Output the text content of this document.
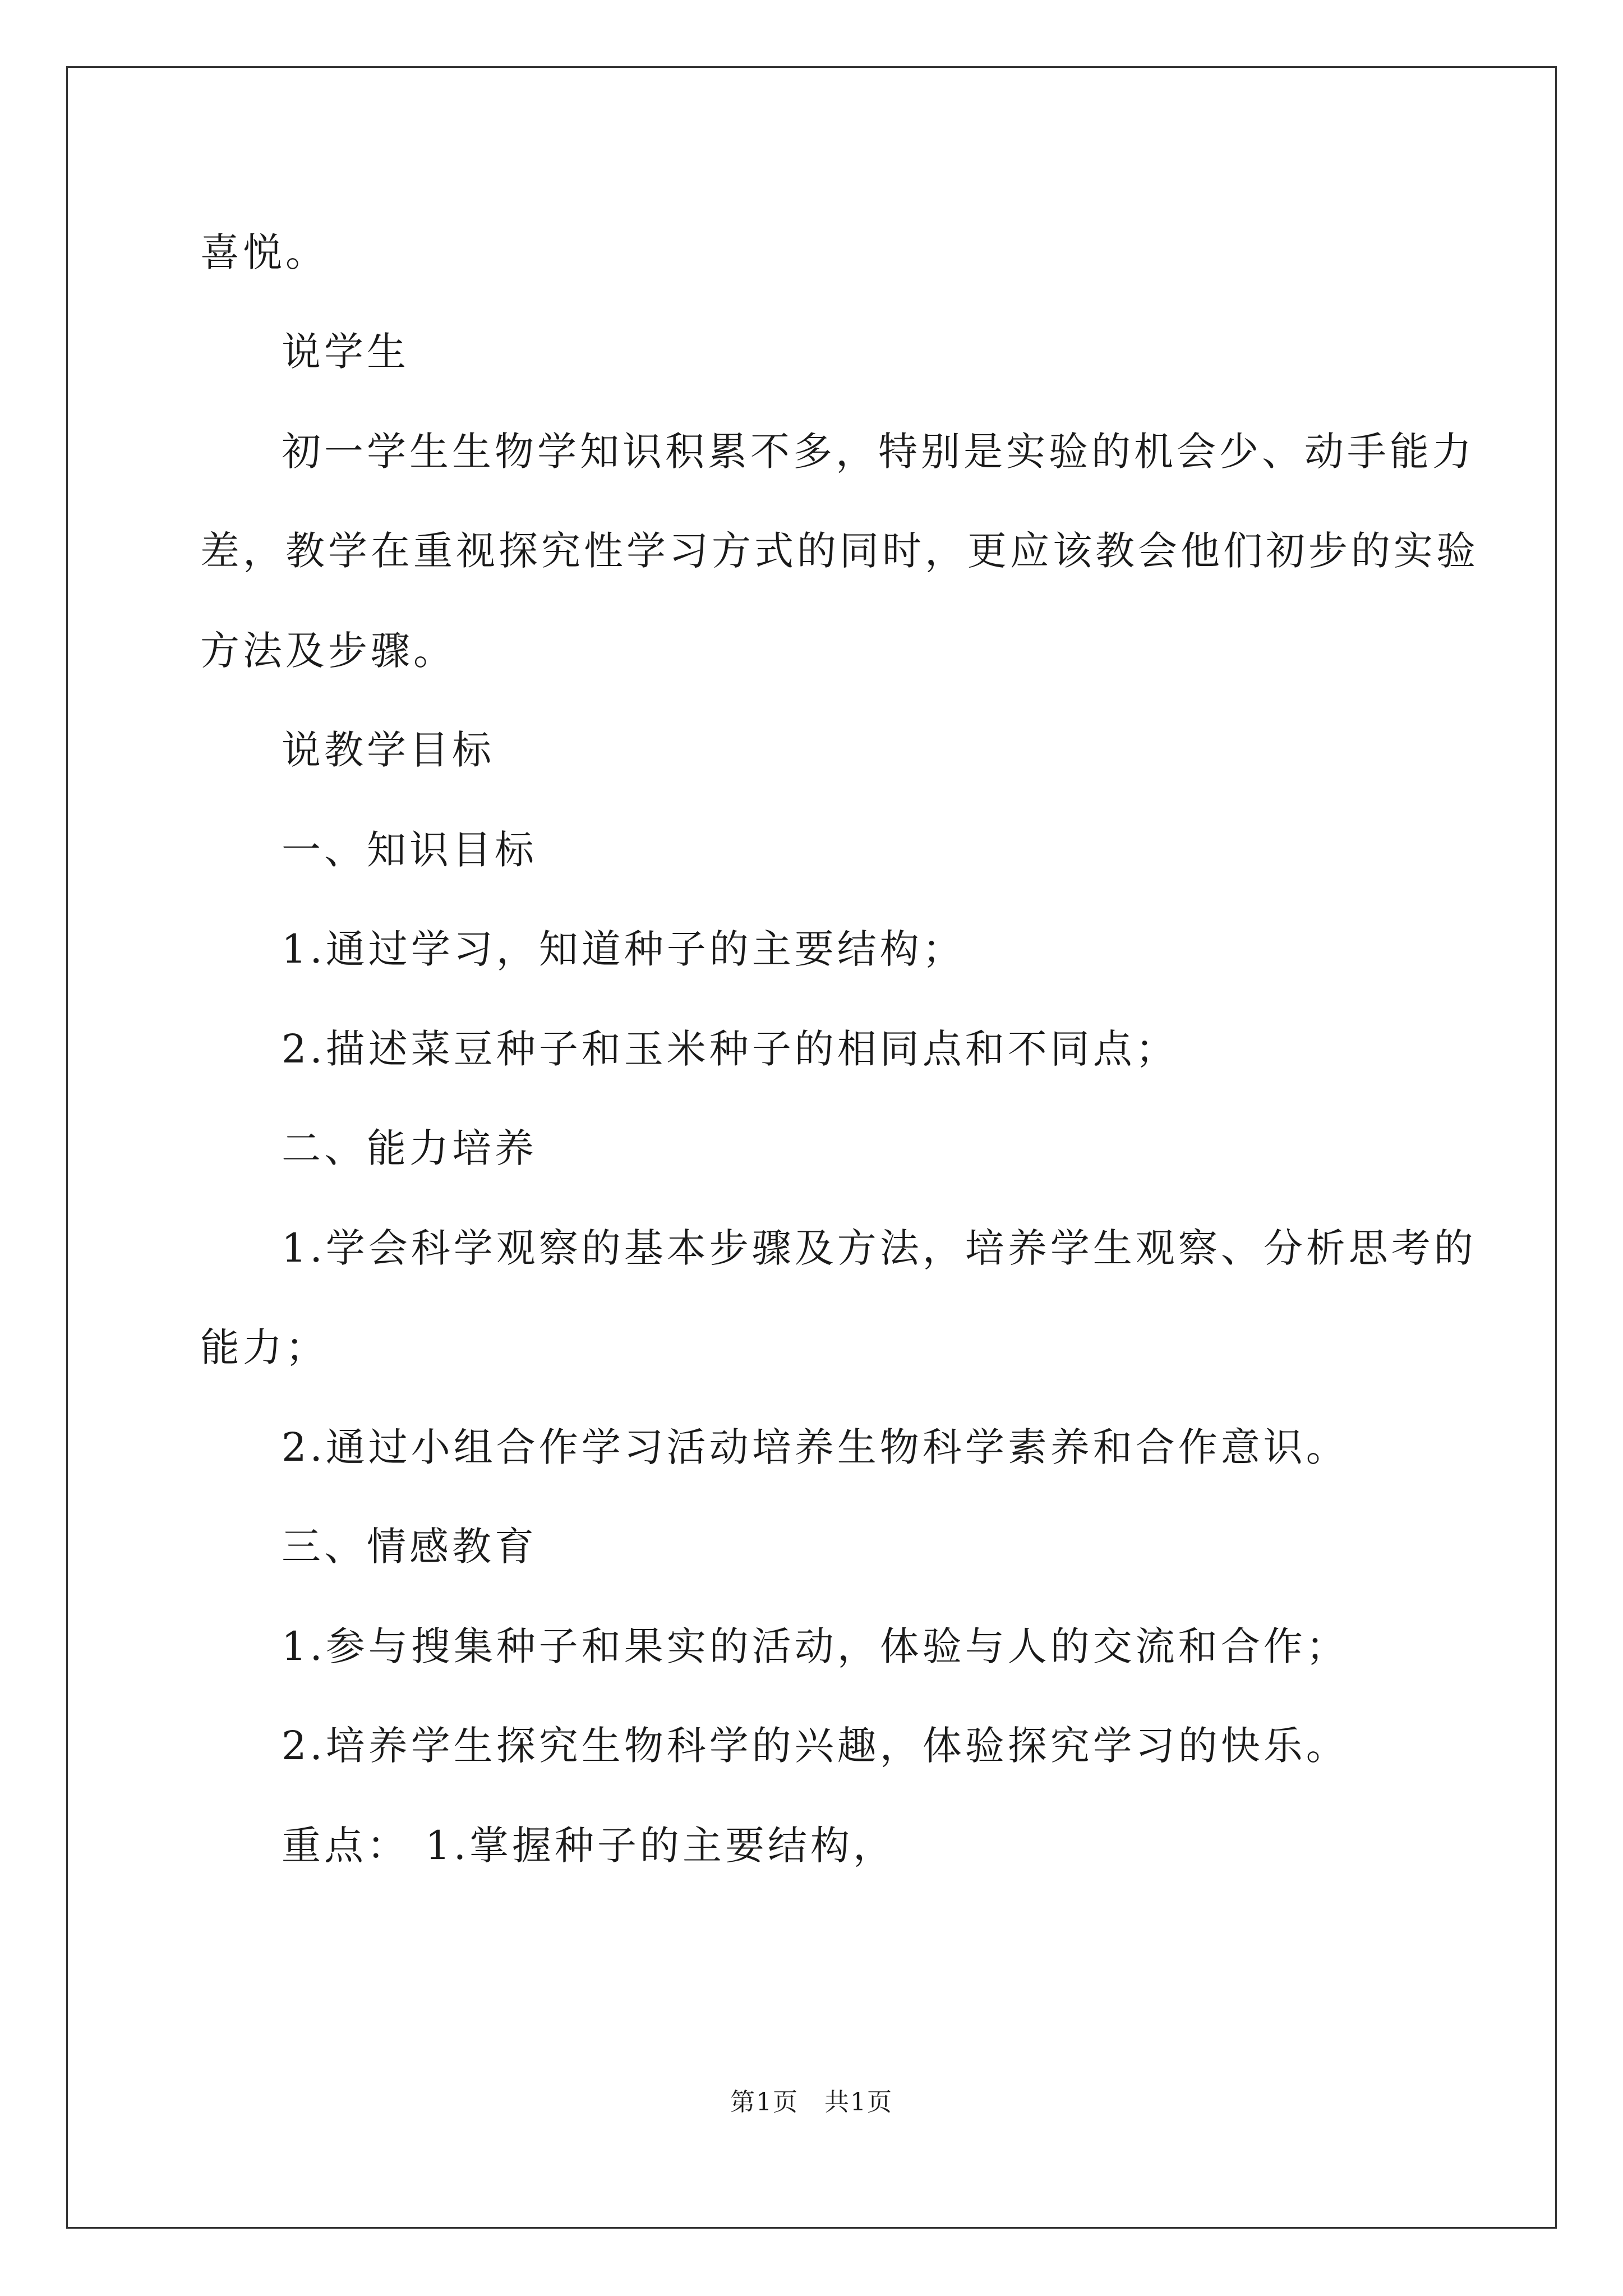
喜悦。

说学生

初一学生生物学知识积累不多，特别是实验的机会少、动手能力

差，教学在重视探究性学习方式的同时，更应该教会他们初步的实验

方法及步骤。

说教学目标

一、知识目标

1.通过学习，知道种子的主要结构；

2.描述菜豆种子和玉米种子的相同点和不同点；

二、能力培养

1.学会科学观察的基本步骤及方法，培养学生观察、分析思考的

能力；

2.通过小组合作学习活动培养生物科学素养和合作意识。

三、情感教育

1.参与搜集种子和果实的活动，体验与人的交流和合作；

2.培养学生探究生物科学的兴趣，体验探究学习的快乐。

重点： 1.掌握种子的主要结构，

第1页　共1页
